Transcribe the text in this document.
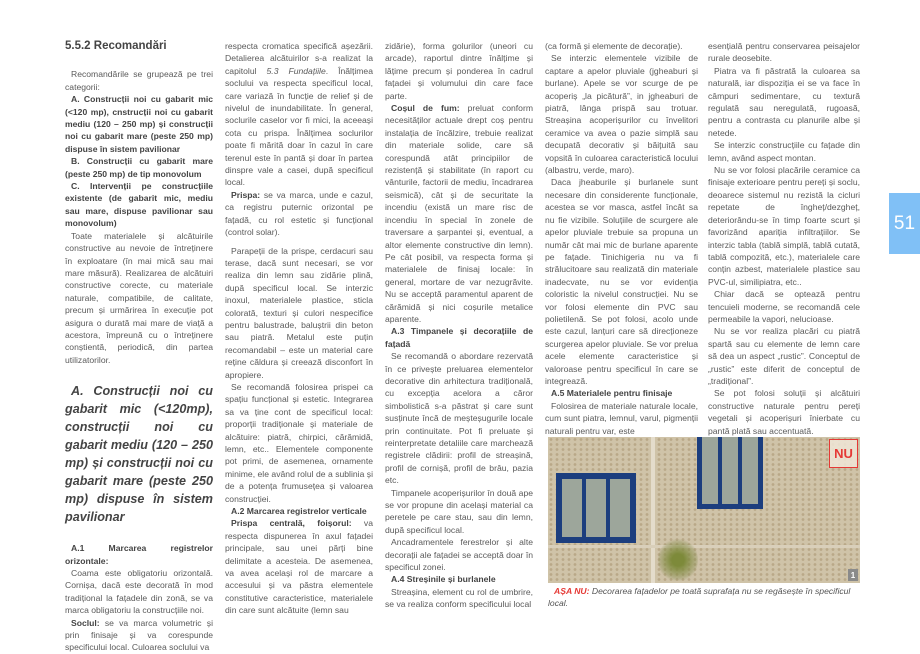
5.5.2 Recomandări

Recomandările se grupează pe trei categorii:

A. Construcții noi cu gabarit mic (<120 mp), cnstrucții noi cu gabarit mediu (120 – 250 mp) și construcții noi cu gabarit mare (peste 250 mp) dispuse în sistem pavilionar

B. Construcții cu gabarit mare (peste 250 mp) de tip monovolum

C. Intervenții pe construcțiile existente (de gabarit mic, mediu sau mare, dispuse pavilionar sau monovolum)

Toate materialele și alcătuirile constructive au nevoie de întreținere în exploatare (în mai mică sau mai mare măsură). Realizarea de alcătuiri constructive corecte, cu materiale naturale, compatibile, de calitate, precum și urmărirea în execuție pot asigura o durată mai mare de viață a acestora, împreună cu o întreținere conștientă, periodică, din partea utilizatorilor.

A. Construcții noi cu gabarit mic (<120mp), construcții noi cu gabarit mediu (120 – 250 mp) și construcții noi cu gabarit mare (peste 250 mp) dispuse în sistem pavilionar

A.1 Marcarea registrelor orizontale:

Coama este obligatoriu orizontală. Cornișa, dacă este decorată în mod tradițional la fațadele din zonă, se va marca obligatoriu la construcțiile noi.

Soclul: se va marca volumetric și prin finisaje și va corespunde specificului local. Culoarea soclului va

respecta cromatica specifică așezării. Detalierea alcătuirilor s-a realizat la capitolul 5.3 Fundațiile. Înălțimea soclului va respecta specificul local, care variază în funcție de relief și de nivelul de inundabilitate. În general, soclurile caselor vor fi mici, la aceeași cota cu prispa. Înălțimea soclurilor poate fi mărită doar în cazul în care terenul este în pantă și doar în partea dinspre vale a casei, după specificul local.

Prispa: se va marca, unde e cazul, ca registru puternic orizontal pe fațadă, cu rol estetic și funcțional (control solar).

Parapeții de la prispe, cerdacuri sau terase, dacă sunt necesari, se vor realiza din lemn sau zidărie plină, după specificul local. Se interzic inoxul, materialele plastice, sticla colorată, texturi și culori nespecifice pentru balustrade, baluștrii din beton sau piatră. Metalul este puțin recomandabil – este un material care reține căldura și creează disconfort în apropiere.

Se recomandă folosirea prispei ca spațiu funcțional și estetic. Integrarea sa va ține cont de specificul local: proporții tradiționale și materiale de alcătuire: piatră, chirpici, cărămidă, lemn, etc.. Elementele componente pot primi, de asemenea, ornamente minime, ele având rolul de a sublinia și de a potența frumusețea și valoarea construcției.

A.2 Marcarea registrelor verticale

Prispa centrală, foișorul: va respecta dispunerea în axul fațadei principale, sau unei părți bine delimitate a acesteia. De asemenea, va avea același rol de marcare a accesului și va păstra elementele constitutive caracteristice, materialele din care sunt alcătuite (lemn sau

zidărie), forma golurilor (uneori cu arcade), raportul dintre înălțime și lățime precum și ponderea în cadrul fațadei și volumului din care face parte.

Coșul de fum: preluat conform necesităților actuale drept coș pentru instalația de încălzire, trebuie realizat din materiale solide, care să corespundă atât principiilor de rezistență și stabilitate (în raport cu vânturile, factorii de mediu, încadrarea seismică), cât și de securitate la incendiu (există un mare risc de incendiu în special în zonele de traversare a șarpantei și, eventual, a altor elemente constructive din lemn). Pe cât posibil, va respecta forma și materialele de finisaj locale: în general, mortare de var nezugrăvite. Nu se acceptă paramentul aparent de cărămidă și nici coșurile metalice aparente.

A.3 Timpanele și decorațiile de fațadă

Se recomandă o abordare rezervată în ce privește preluarea elementelor decorative din arhitectura tradițională, cu excepția acelora a căror simbolistică s-a păstrat și care sunt susținute încă de meșteșugurile locale prin continuitate. Pot fi preluate și reinterpretate detaliile care marchează registrele clădirii: profil de streașină, profil de cornișă, profil de brâu, pazia etc.

Timpanele acoperișurilor în două ape se vor propune din același material ca peretele pe care stau, sau din lemn, după specificul local.

Ancadramentele ferestrelor și alte decorații ale fațadei se acceptă doar în specificul zonei.

A.4 Streșinile și burlanele

Streașina, element cu rol de umbrire, se va realiza conform specificului local

(ca formă și elemente de decorație).

Se interzic elementele vizibile de captare a apelor pluviale (jgheaburi și burlane). Apele se vor scurge de pe acoperiș „la picătură”, in jgheaburi de piatră, lânga prispă sau trotuar. Streașina acoperișurilor cu învelitori ceramice va avea o pazie simplă sau decupată decorativ și băițuită sau vopsită în culoarea caracteristică locului (albastru, verde, maro).

Daca jheaburile și burlanele sunt necesare din considerente funcționale, acestea se vor masca, astfel încât sa nu fie vizibile. Soluțiile de scurgere ale apelor pluviale trebuie sa propuna un număr cât mai mic de burlane aparente pe fațade. Tinichigeria nu va fi strălucitoare sau realizată din materiale inadecvate, nu se vor evidenția coloristic la nivelul construcției. Nu se vor folosi elemente din PVC sau polietilenă. Se pot folosi, acolo unde este cazul, lanțuri care să direcționeze scurgerea apelor pluviale. Se vor prelua acele elemente caracteristice și valoroase pentru specificul în care se integrează.

A.5 Materialele pentru finisaje

Folosirea de materiale naturale locale, cum sunt piatra, lemnul, varul, pigmenții naturali pentru var, este

esențială pentru conservarea peisajelor rurale deosebite.

Piatra va fi păstrată la culoarea sa naturală, iar dispoziția ei se va face în câmpuri sedimentare, cu textură regulată sau neregulată, rugoasă, pentru a contrasta cu planurile albe și netede.

Se interzic construcțiile cu fațade din lemn, având aspect montan.

Nu se vor folosi placările ceramice ca finisaje exterioare pentru pereți și soclu, deoarece sistemul nu rezistă la cicluri repetate de îngheț/dezgheț, deteriorându-se în timp foarte scurt și favorizând apariția infiltrațiilor. Se interzic tabla (tablă simplă, tablă cutată, tablă compozită, etc.), materialele care conțin azbest, materialele plastice sau PVC-ul, similipiatra, etc..

Chiar dacă se optează pentru tencuieli moderne, se recomandă cele permeabile la vapori, nelucioase.

Nu se vor realiza placări cu piatră spartă sau cu elemente de lemn care să dea un aspect „rustic”. Conceptul de „rustic” este diferit de conceptul de „tradițional”.

Se pot folosi soluții și alcătuiri constructive naturale pentru pereți vegetali și acoperișuri înierbate cu pantă plată sau accentuată.

51
NU
1
AȘA NU: Decorarea fațadelor pe toată suprafața nu se regăsește în specificul local.
